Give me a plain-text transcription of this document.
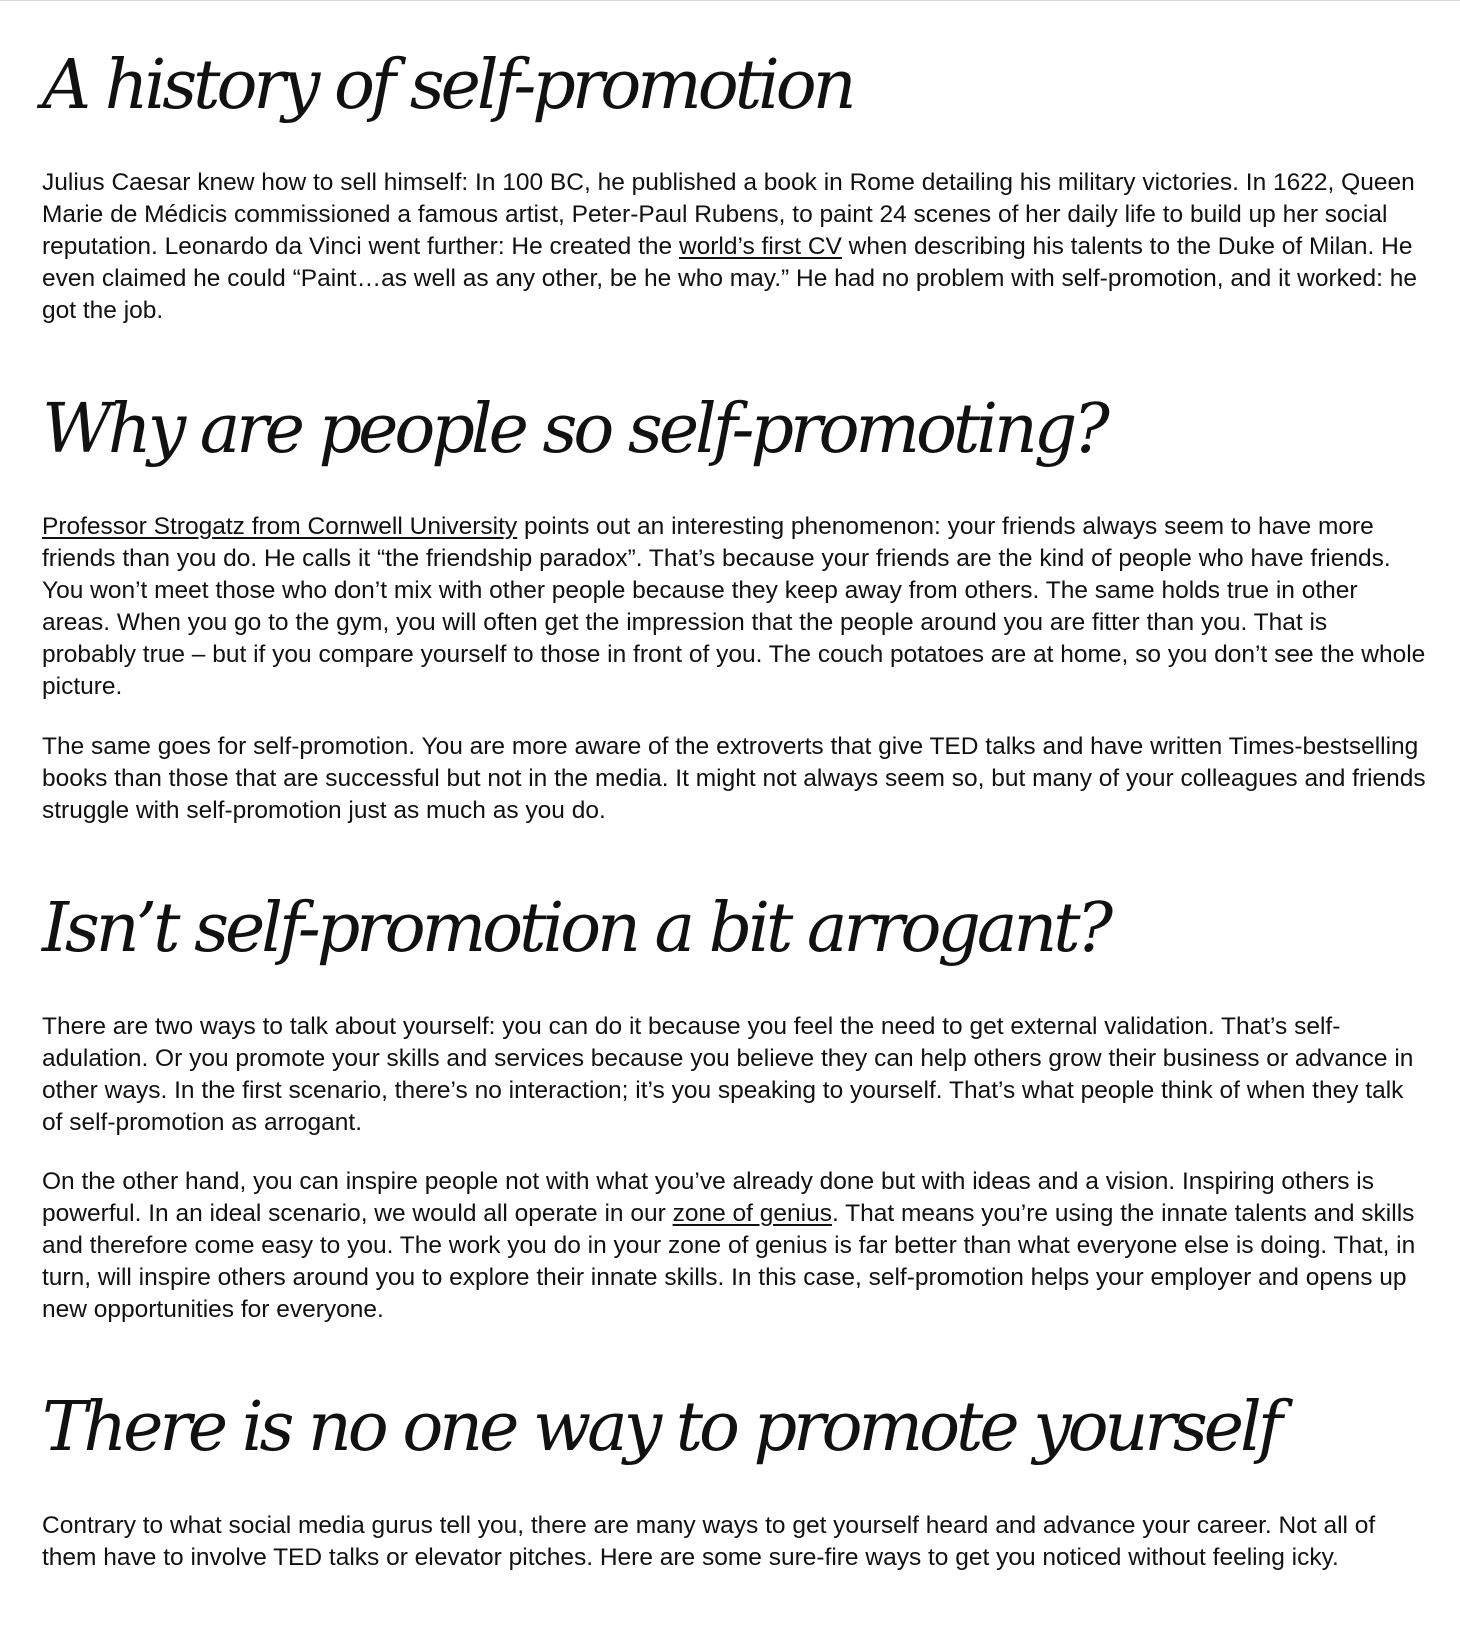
A history of self-promotion

Julius Caesar knew how to sell himself: In 100 BC, he published a book in Rome detailing his military victories. In 1622, Queen Marie de Médicis commissioned a famous artist, Peter-Paul Rubens, to paint 24 scenes of her daily life to build up her social reputation. Leonardo da Vinci went further: He created the world’s first CV when describing his talents to the Duke of Milan. He even claimed he could “Paint…as well as any other, be he who may.” He had no problem with self-promotion, and it worked: he got the job.

Why are people so self-promoting?

Professor Strogatz from Cornwell University points out an interesting phenomenon: your friends always seem to have more friends than you do. He calls it “the friendship paradox”. That’s because your friends are the kind of people who have friends. You won’t meet those who don’t mix with other people because they keep away from others. The same holds true in other areas. When you go to the gym, you will often get the impression that the people around you are fitter than you. That is probably true – but if you compare yourself to those in front of you. The couch potatoes are at home, so you don’t see the whole picture.

The same goes for self-promotion. You are more aware of the extroverts that give TED talks and have written Times-bestselling books than those that are successful but not in the media. It might not always seem so, but many of your colleagues and friends struggle with self-promotion just as much as you do.

Isn’t self-promotion a bit arrogant?

There are two ways to talk about yourself: you can do it because you feel the need to get external validation. That’s self-adulation. Or you promote your skills and services because you believe they can help others grow their business or advance in other ways. In the first scenario, there’s no interaction; it’s you speaking to yourself. That’s what people think of when they talk of self-promotion as arrogant.

On the other hand, you can inspire people not with what you’ve already done but with ideas and a vision. Inspiring others is powerful. In an ideal scenario, we would all operate in our zone of genius. That means you’re using the innate talents and skills and therefore come easy to you. The work you do in your zone of genius is far better than what everyone else is doing. That, in turn, will inspire others around you to explore their innate skills. In this case, self-promotion helps your employer and opens up new opportunities for everyone.

There is no one way to promote yourself

Contrary to what social media gurus tell you, there are many ways to get yourself heard and advance your career. Not all of them have to involve TED talks or elevator pitches. Here are some sure-fire ways to get you noticed without feeling icky.
